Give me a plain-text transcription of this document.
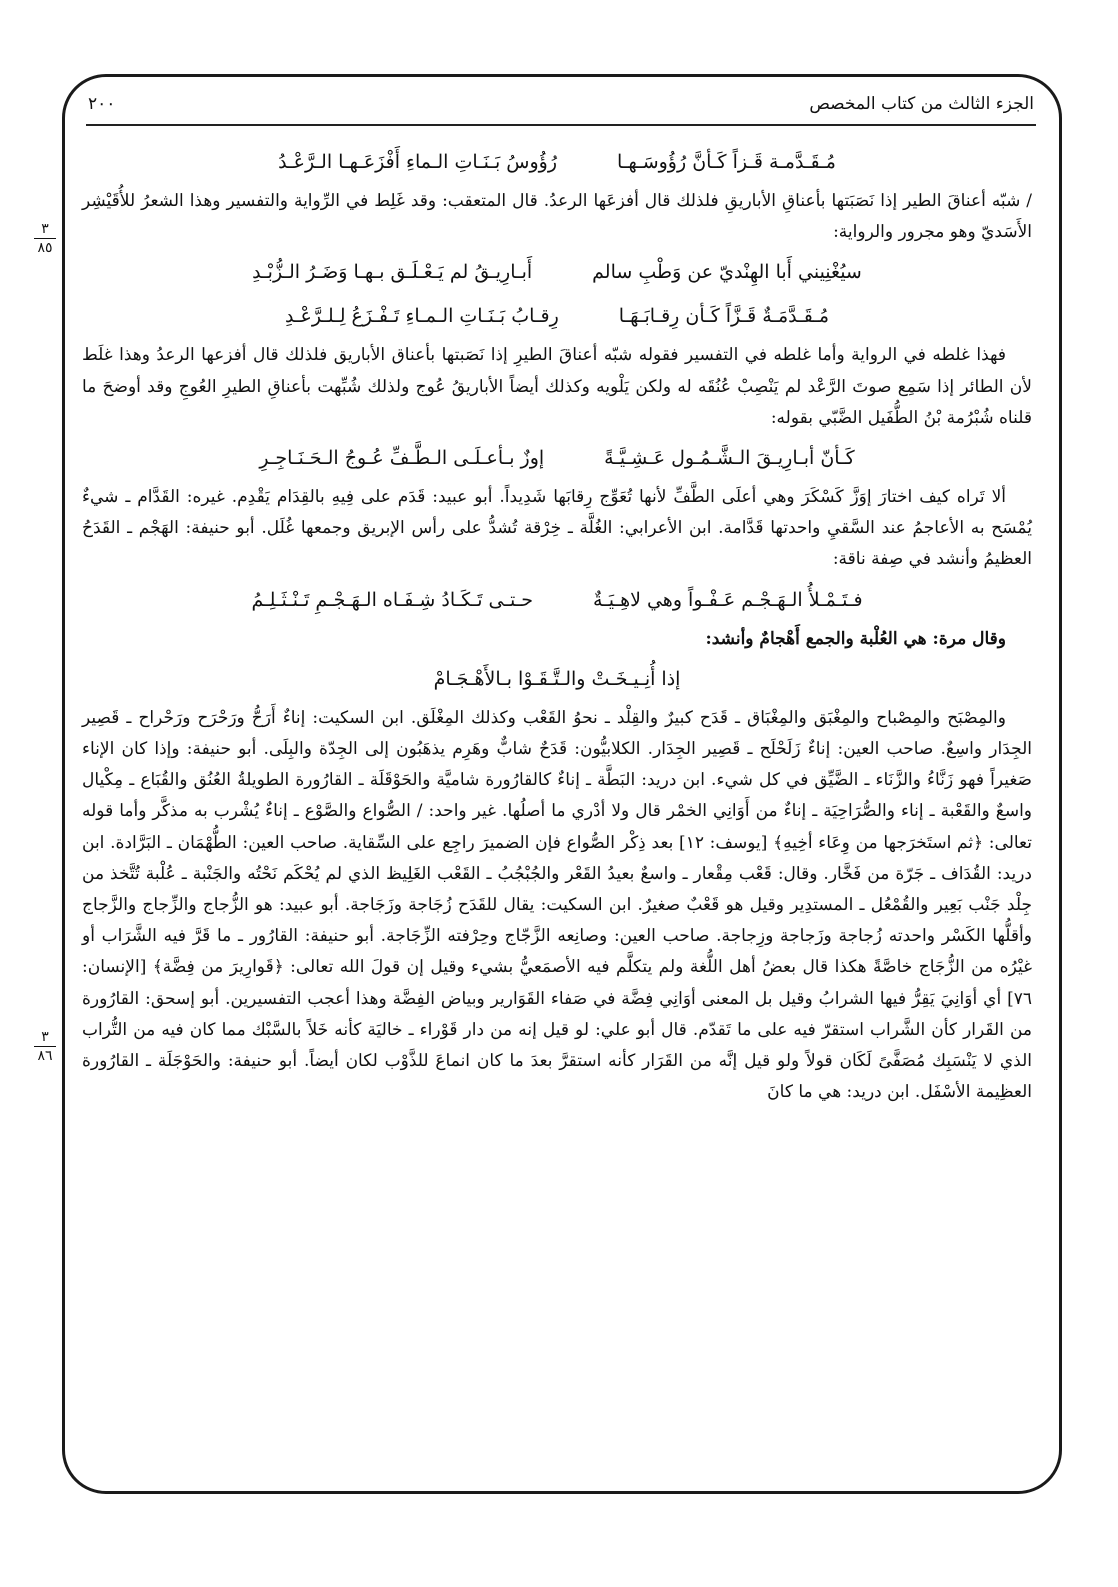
الجزء الثالث من كتاب المخصص
٢٠٠
٣
٨٥
٣
٨٦
مُـقَـدَّمـة قَـزاً كَـأنَّ رُؤُوسَـهـا
رُؤُوسُ بَـنَـاتِ الـماءِ أَفْزَعَـهـا الـرَّعْـدُ

/ شبّه أعناقَ الطير إذا نَصَبَتها بأعناقِ الأباريقِ فلذلك قال أفزعَها الرعدُ. قال المتعقب: وقد غَلِط في الرِّواية والتفسير وهذا الشعرُ للأُقَيْشِر الأَسَديّ وهو مجرور والرواية:

سيُغْنِيني أَبا الهِنْديّ عن وَطْبِ سالم
أَبـارِيـقُ لم يَـعْـلَـق بـهـا وَضَـرُ الـزُّبْـدِ
مُـقَـدَّمَـةٌ قَـزَّاً كَـأن رِقـابَـهَـا
رِقـابُ بَـنَـاتِ الـمـاءِ تَـفْـزَعُ لِـلـرَّعْـدِ

فهذا غلطه في الرواية وأما غلطه في التفسير فقوله شبّه أعناقَ الطيرِ إذا نَصَبتها بأعناق الأباريق فلذلك قال أفزعها الرعدُ وهذا غلَط لأن الطائر إذا سَمِع صوتَ الرَّعْد لم يَنْصِبْ عُنُقَه له ولكن يَلْويه وكذلك أيضاً الأباريقُ عُوج ولذلك شُبِّهت بأعناقِ الطيرِ العُوجِ وقد أوضحَ ما قلناه شُبْرُمة بْنُ الطُّفَيل الضَّبّي بقوله:

كَـأنّ أبـارِيـقَ الـشَّـمُـول عَـشِـيَّـةً
إوزٌ بـأعـلَـى الـطَّـفِّ عُـوجُ الـحَـنَـاجِـرِ

ألا تَراه كيف اختارَ إوَزَّ كَسْكَرَ وهي أعلَى الطَّفِّ لأنها تُعَوِّج رِقابَها شَدِيداً. أبو عبيد: قَدَم على فِيهِ بالقِدَام يَقْدِم. غيره: القَدَّام ـ شيءٌ يُمْسَح به الأعاجمُ عند السَّقيِ واحدتها قَدَّامة. ابن الأعرابي: الغُلَّة ـ خِرْقة تُشدُّ على رأس الإبريق وجمعها غُلَل. أبو حنيفة: الهَجْم ـ القَدَحُ العظيمُ وأنشد في صِفة ناقة:

فـتَـمْـلأُ الـهَـجْـم عَـفْـواً وهي لاهِـيَـةٌ
حـتـى تَـكَـادُ شِـفَـاه الـهَـجْـمِ تَـنْـثَـلِـمُ

وقال مرة: هي العُلْبة والجمع أَهْجامٌ وأنشد:

إذا أُنِـيـخَـتْ والـتَّـقَـوْا بـالأَهْـجَـامْ

والمِصْبَح والمِصْباح والمِغْبَق والمِغْبَاق ـ قَدَح كبيرٌ والقِلْد ـ نحوُ القَعْب وكذلك المِغْلَق. ابن السكيت: إناءٌ أَرَحُّ ورَحْرَح ورَحْراح ـ قَصِير الجِدَار واسِعٌ. صاحب العين: إناءٌ زَلَحْلَح ـ قَصِير الجِدَار. الكلابيُّون: قَدَحٌ شابٌّ وهَرِم يذهَبُون إلى الجِدّة والبِلَى. أبو حنيفة: وإذا كان الإناء صَغيراً فهو زَنَّاءُ والزَّنَاء ـ الضَّيِّق في كل شيء. ابن دريد: البَطَّة ـ إناءٌ كالقارُورة شاميَّة والحَوْقَلَة ـ القارُورة الطويلةُ العُنُق والقُبَاع ـ مِكْيال واسعٌ والقَعْبة ـ إناء والصُّرَاحِيَة ـ إناءٌ من أَوَانِي الخمْر قال ولا أدْري ما أصلُها. غير واحد: / الصُّواع والصَّوْع ـ إناءٌ يُشْرب به مذكَّر وأما قوله تعالى: ﴿ثم استَخرَجها من وِعَاء أخِيهِ﴾ [يوسف: ١٢] بعد ذِكْر الصُّواع فإن الضميرَ راجِع على السِّقاية. صاحب العين: الطُّهْمَان ـ البَرَّادة. ابن دريد: القُدَاف ـ جَرّة من فَخَّار. وقال: قَعْب مِقْعار ـ واسعٌ بعيدُ القَعْر والجُبْجُبُ ـ القَعْب الغَلِيظ الذي لم يُحْكَم نَحْتُه والجَنْبة ـ عُلْبة تُتَّخذ من جِلْد جَنْب بَعِير والقُمْعُل ـ المستدِير وقيل هو قَعْبٌ صغيرٌ. ابن السكيت: يقال للقَدَح زُجَاجة وزَجَاجة. أبو عبيد: هو الزُّجاج والزِّجاج والزَّجاج وأقلُّها الكَسْر واحدته زُجاجة وزَجاجة وزِجاجة. صاحب العين: وصانِعه الزَّجّاج وحِرْفته الزِّجَاجة. أبو حنيفة: القارُور ـ ما قَرَّ فيه الشَّرَاب أو غيْرُه من الزُّجَاج خاصَّةً هكذا قال بعضُ أهل اللُّغة ولم يتكلَّم فيه الأصمَعيُّ بشيء وقيل إن قولَ الله تعالى: ﴿قَوارِيرَ من فِضَّة﴾ [الإنسان: ٧٦] أي أوَانِيَ يَقِرُّ فيها الشرابُ وقيل بل المعنى أوَانِي فِضَّة في صَفاء القَوَارير وبياض الفِضَّة وهذا أعجب التفسيرين. أبو إسحق: القارُورة من القَرار كأن الشَّراب استقرّ فيه على ما تَقدّم. قال أبو علي: لو قيل إنه من دار قَوْراء ـ خاليَة كأنه خَلاً بالسَّبْك مما كان فيه من التُّراب الذي لا يَنْسَبِك مُصَفَّىً لَكَان قولاً ولو قيل إنَّه من القَرَار كأنه استقرَّ بعدَ ما كان انماعَ للذَّوْب لكان أيضاً. أبو حنيفة: والحَوْجَلَة ـ القارُورة العظِيمة الأسْفَل. ابن دريد: هي ما كانَ
